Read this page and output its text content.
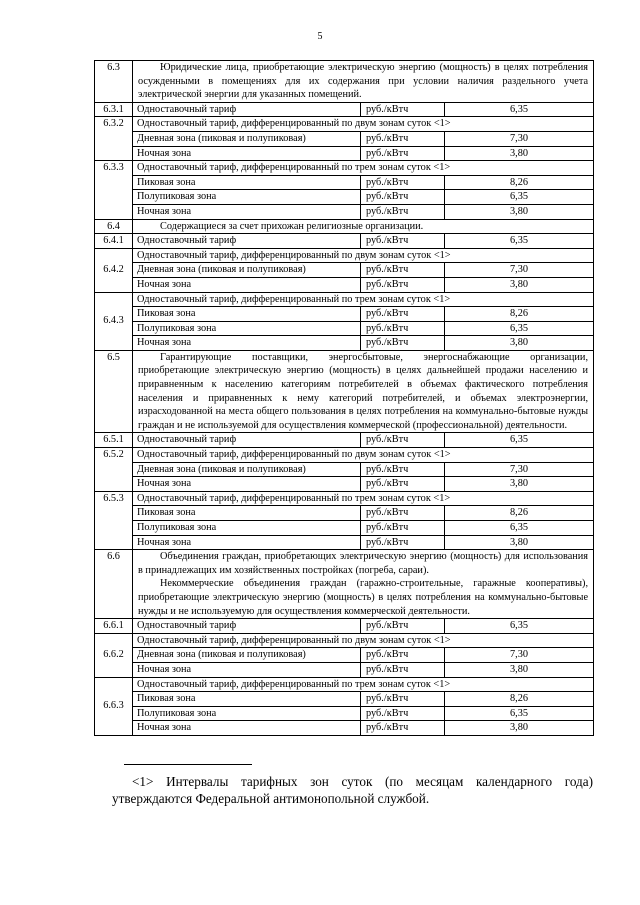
5
6.3	Юридические лица, приобретающие электрическую энергию (мощность) в целях потребления осужденными в помещениях для их содержания при условии наличия раздельного учета электрической энергии для указанных помещений.		

6.3.1	Одноставочный тариф	руб./кВтч	6,35
6.3.2	Одноставочный тариф, дифференцированный по двум зонам суток <1>		
	Дневная зона (пиковая и полупиковая)	руб./кВтч	7,30
	Ночная зона	руб./кВтч	3,80
6.3.3	Одноставочный тариф, дифференцированный по трем зонам суток <1>		
	Пиковая зона	руб./кВтч	8,26
	Полупиковая зона	руб./кВтч	6,35
	Ночная зона	руб./кВтч	3,80
6.4	Содержащиеся за счет прихожан религиозные организации.		

6.4.1	Одноставочный тариф	руб./кВтч	6,35
6.4.2	Одноставочный тариф, дифференцированный по двум зонам суток <1>		
	Дневная зона (пиковая и полупиковая)	руб./кВтч	7,30
	Ночная зона	руб./кВтч	3,80
6.4.3	Одноставочный тариф, дифференцированный по трем зонам суток <1>		
	Пиковая зона	руб./кВтч	8,26
	Полупиковая зона	руб./кВтч	6,35
	Ночная зона	руб./кВтч	3,80
6.5	Гарантирующие поставщики, энергосбытовые, энергоснабжающие организации, приобретающие электрическую энергию (мощность) в целях дальнейшей продажи населению и приравненным к населению категориям потребителей в объемах фактического потребления населения и приравненных к нему категорий потребителей, и объемах электроэнергии, израсходованной на места общего пользования в целях потребления на коммунально-бытовые нужды граждан и не используемой для осуществления коммерческой (профессиональной) деятельности.		

6.5.1	Одноставочный тариф	руб./кВтч	6,35
6.5.2	Одноставочный тариф, дифференцированный по двум зонам суток <1>		
	Дневная зона (пиковая и полупиковая)	руб./кВтч	7,30
	Ночная зона	руб./кВтч	3,80
6.5.3	Одноставочный тариф, дифференцированный по трем зонам суток <1>		
	Пиковая зона	руб./кВтч	8,26
	Полупиковая зона	руб./кВтч	6,35
	Ночная зона	руб./кВтч	3,80
6.6	Объединения граждан, приобретающих электрическую энергию (мощность) для использования в принадлежащих им хозяйственных постройках (погреба, сараи).

Некоммерческие объединения граждан (гаражно-строительные, гаражные кооперативы), приобретающие электрическую энергию (мощность) в целях потребления на коммунально-бытовые нужды и не используемую для осуществления коммерческой деятельности.		

6.6.1	Одноставочный тариф	руб./кВтч	6,35
6.6.2	Одноставочный тариф, дифференцированный по двум зонам суток <1>		
	Дневная зона (пиковая и полупиковая)	руб./кВтч	7,30
	Ночная зона	руб./кВтч	3,80
6.6.3	Одноставочный тариф, дифференцированный по трем зонам суток <1>		
	Пиковая зона	руб./кВтч	8,26
	Полупиковая зона	руб./кВтч	6,35
	Ночная зона	руб./кВтч	3,80

<1> Интервалы тарифных зон суток (по месяцам календарного года) утверждаются Федеральной антимонопольной службой.
